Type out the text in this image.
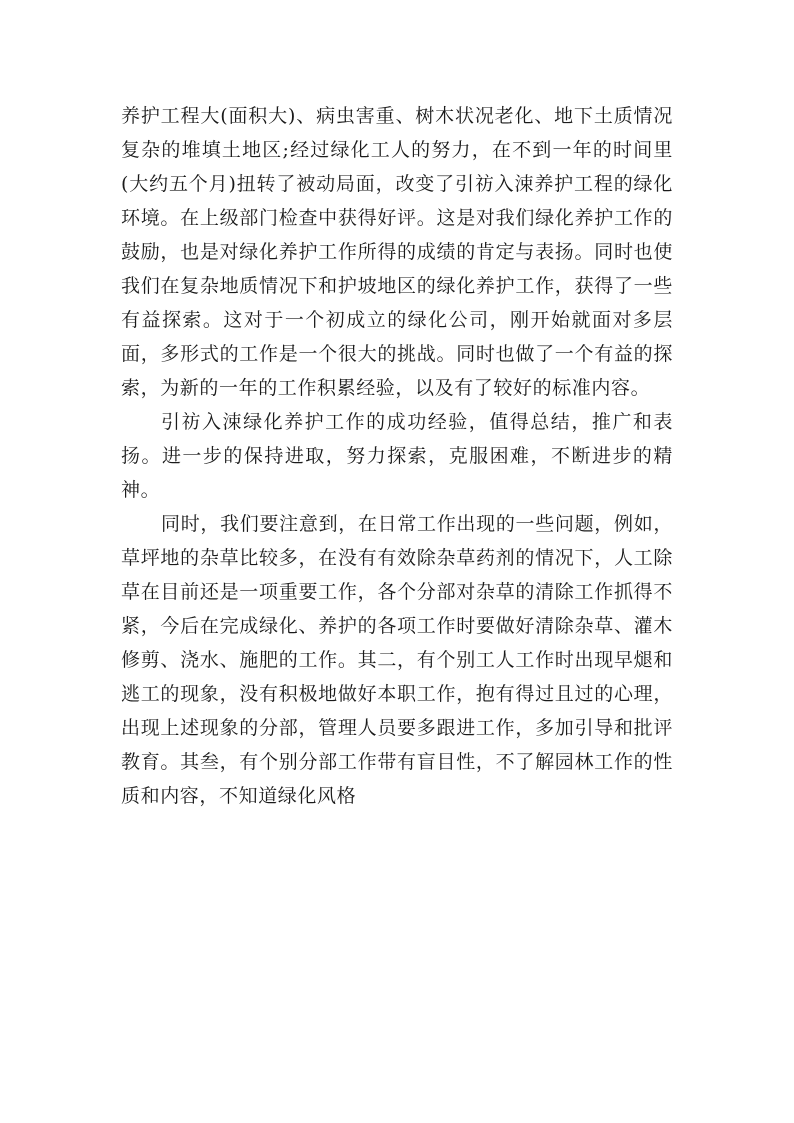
养护工程大(面积大)、病虫害重、树木状况老化、地下土质情况复杂的堆填土地区;经过绿化工人的努力，在不到一年的时间里(大约五个月)扭转了被动局面，改变了引祊入涑养护工程的绿化环境。在上级部门检查中获得好评。这是对我们绿化养护工作的鼓励，也是对绿化养护工作所得的成绩的肯定与表扬。同时也使我们在复杂地质情况下和护坡地区的绿化养护工作，获得了一些有益探索。这对于一个初成立的绿化公司，刚开始就面对多层面，多形式的工作是一个很大的挑战。同时也做了一个有益的探索，为新的一年的工作积累经验，以及有了较好的标准内容。

引祊入涑绿化养护工作的成功经验，值得总结，推广和表扬。进一步的保持进取，努力探索，克服困难，不断进步的精神。

同时，我们要注意到，在日常工作出现的一些问题，例如，草坪地的杂草比较多，在没有有效除杂草药剂的情况下，人工除草在目前还是一项重要工作，各个分部对杂草的清除工作抓得不紧，今后在完成绿化、养护的各项工作时要做好清除杂草、灌木修剪、浇水、施肥的工作。其二，有个别工人工作时出现早煺和逃工的现象，没有积极地做好本职工作，抱有得过且过的心理，出现上述现象的分部，管理人员要多跟进工作，多加引导和批评教育。其叁，有个别分部工作带有盲目性，不了解园林工作的性质和内容，不知道绿化风格
